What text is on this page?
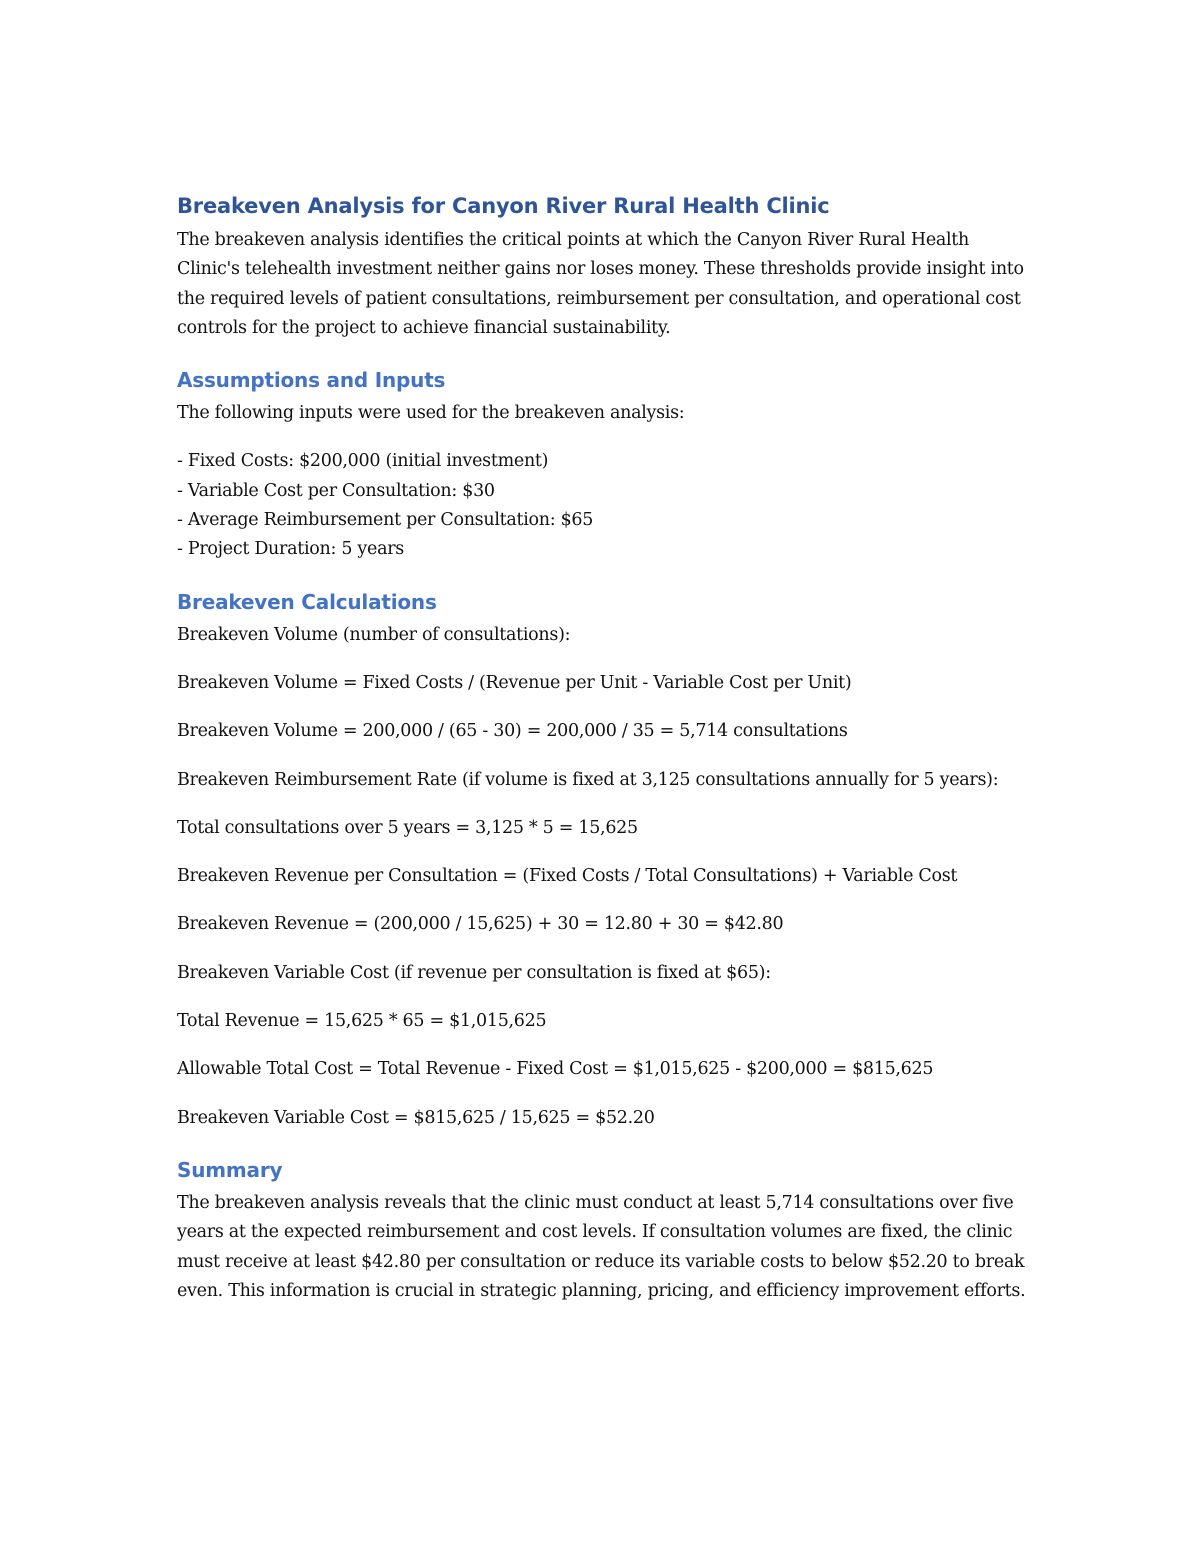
Breakeven Analysis for Canyon River Rural Health Clinic

The breakeven analysis identifies the critical points at which the Canyon River Rural Health Clinic's telehealth investment neither gains nor loses money. These thresholds provide insight into the required levels of patient consultations, reimbursement per consultation, and operational cost controls for the project to achieve financial sustainability.

Assumptions and Inputs

The following inputs were used for the breakeven analysis:

- Fixed Costs: $200,000 (initial investment)
- Variable Cost per Consultation: $30
- Average Reimbursement per Consultation: $65
- Project Duration: 5 years
Breakeven Calculations

Breakeven Volume (number of consultations):

Breakeven Volume = Fixed Costs / (Revenue per Unit - Variable Cost per Unit)

Breakeven Volume = 200,000 / (65 - 30) = 200,000 / 35 = 5,714 consultations

Breakeven Reimbursement Rate (if volume is fixed at 3,125 consultations annually for 5 years):

Total consultations over 5 years = 3,125 * 5 = 15,625

Breakeven Revenue per Consultation = (Fixed Costs / Total Consultations) + Variable Cost

Breakeven Revenue = (200,000 / 15,625) + 30 = 12.80 + 30 = $42.80

Breakeven Variable Cost (if revenue per consultation is fixed at $65):

Total Revenue = 15,625 * 65 = $1,015,625

Allowable Total Cost = Total Revenue - Fixed Cost = $1,015,625 - $200,000 = $815,625

Breakeven Variable Cost = $815,625 / 15,625 = $52.20

Summary

The breakeven analysis reveals that the clinic must conduct at least 5,714 consultations over five years at the expected reimbursement and cost levels. If consultation volumes are fixed, the clinic must receive at least $42.80 per consultation or reduce its variable costs to below $52.20 to break even. This information is crucial in strategic planning, pricing, and efficiency improvement efforts.
